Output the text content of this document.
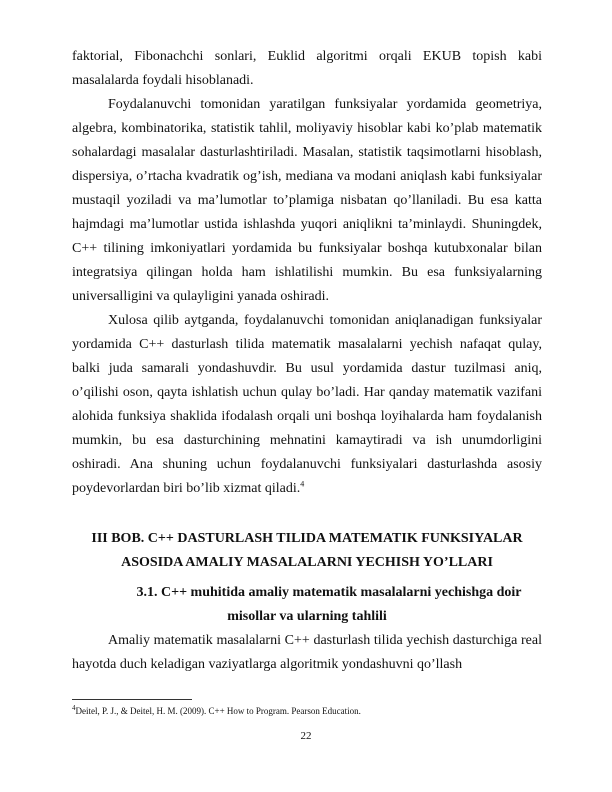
faktorial, Fibonachchi sonlari, Euklid algoritmi orqali EKUB topish kabi masalalarda foydali hisoblanadi.

Foydalanuvchi tomonidan yaratilgan funksiyalar yordamida geometriya, algebra, kombinatorika, statistik tahlil, moliyaviy hisoblar kabi ko’plab matematik sohalardagi masalalar dasturlashtiriladi. Masalan, statistik taqsimotlarni hisoblash, dispersiya, o’rtacha kvadratik og’ish, mediana va modani aniqlash kabi funksiyalar mustaqil yoziladi va ma’lumotlar to’plamiga nisbatan qo’llaniladi. Bu esa katta hajmdagi ma’lumotlar ustida ishlashda yuqori aniqlikni ta’minlaydi. Shuningdek, C++ tilining imkoniyatlari yordamida bu funksiyalar boshqa kutubxonalar bilan integratsiya qilingan holda ham ishlatilishi mumkin. Bu esa funksiyalarning universalligini va qulayligini yanada oshiradi.

Xulosa qilib aytganda, foydalanuvchi tomonidan aniqlanadigan funksiyalar yordamida C++ dasturlash tilida matematik masalalarni yechish nafaqat qulay, balki juda samarali yondashuvdir. Bu usul yordamida dastur tuzilmasi aniq, o’qilishi oson, qayta ishlatish uchun qulay bo’ladi. Har qanday matematik vazifani alohida funksiya shaklida ifodalash orqali uni boshqa loyihalarda ham foydalanish mumkin, bu esa dasturchining mehnatini kamaytiradi va ish unumdorligini oshiradi. Ana shuning uchun foydalanuvchi funksiyalari dasturlashda asosiy poydevorlardan biri bo’lib xizmat qiladi.$^4$

III BOB. C++ DASTURLASH TILIDA MATEMATIK FUNKSIYALAR

ASOSIDA AMALIY MASALALARNI YECHISH YO’LLARI

3.1. C++ muhitida amaliy matematik masalalarni yechishga doir

misollar va ularning tahlili

Amaliy matematik masalalarni C++ dasturlash tilida yechish dasturchiga real hayotda duch keladigan vaziyatlarga algoritmik yondashuvni qo’llash

$^4$Deitel, P. J., & Deitel, H. M. (2009). C++ How to Program. Pearson Education.

22
